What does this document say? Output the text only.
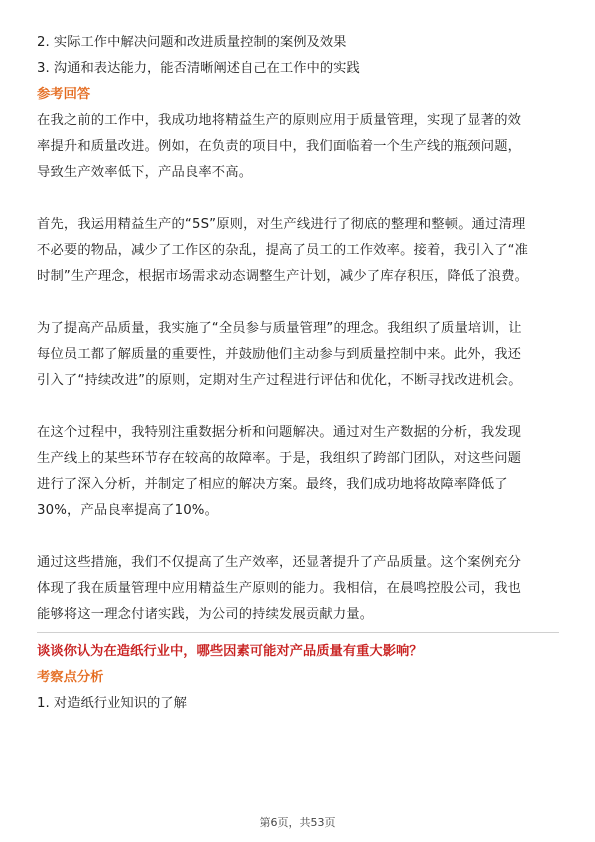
2. 实际工作中解决问题和改进质量控制的案例及效果

3. 沟通和表达能力，能否清晰阐述自己在工作中的实践

参考回答

在我之前的工作中，我成功地将精益生产的原则应用于质量管理，实现了显著的效

率提升和质量改进。例如，在负责的项目中，我们面临着一个生产线的瓶颈问题，

导致生产效率低下，产品良率不高。

首先，我运用精益生产的“5S”原则，对生产线进行了彻底的整理和整顿。通过清理

不必要的物品，减少了工作区的杂乱，提高了员工的工作效率。接着，我引入了“准

时制”生产理念，根据市场需求动态调整生产计划，减少了库存积压，降低了浪费。

为了提高产品质量，我实施了“全员参与质量管理”的理念。我组织了质量培训，让

每位员工都了解质量的重要性，并鼓励他们主动参与到质量控制中来。此外，我还

引入了“持续改进”的原则，定期对生产过程进行评估和优化，不断寻找改进机会。

在这个过程中，我特别注重数据分析和问题解决。通过对生产数据的分析，我发现

生产线上的某些环节存在较高的故障率。于是，我组织了跨部门团队，对这些问题

进行了深入分析，并制定了相应的解决方案。最终，我们成功地将故障率降低了

30%，产品良率提高了10%。

通过这些措施，我们不仅提高了生产效率，还显著提升了产品质量。这个案例充分

体现了我在质量管理中应用精益生产原则的能力。我相信，在晨鸣控股公司，我也

能够将这一理念付诸实践，为公司的持续发展贡献力量。

谈谈你认为在造纸行业中，哪些因素可能对产品质量有重大影响？

考察点分析

1. 对造纸行业知识的了解

第6页，共53页
